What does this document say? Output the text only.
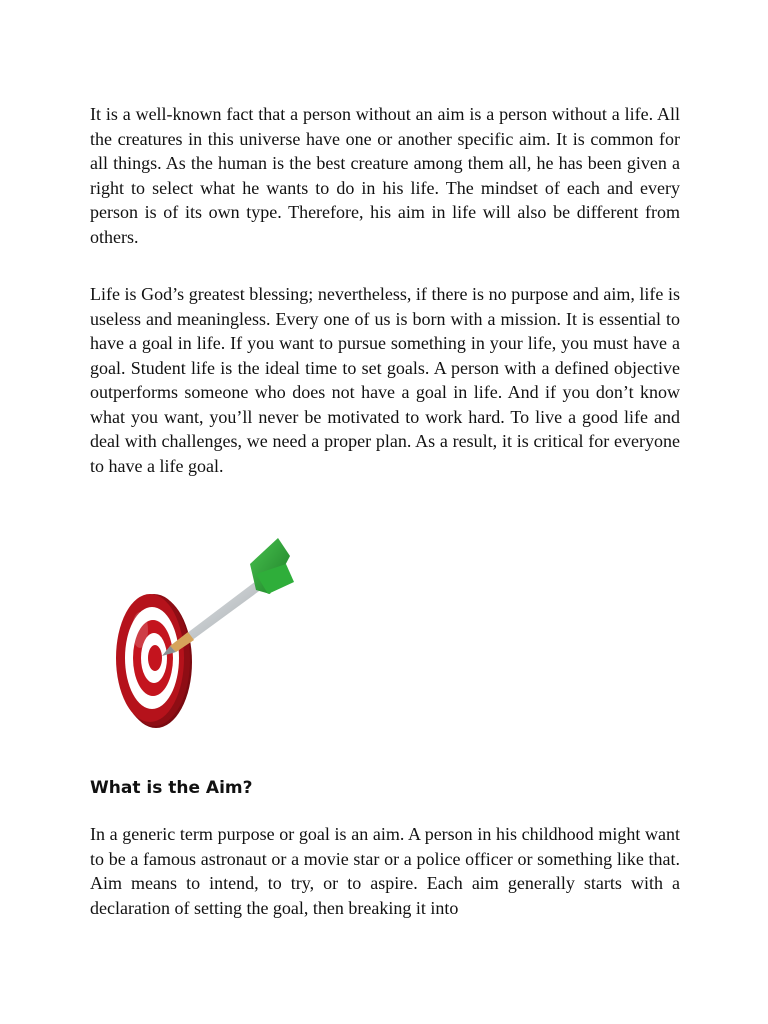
It is a well-known fact that a person without an aim is a person without a life. All the creatures in this universe have one or another specific aim. It is common for all things. As the human is the best creature among them all, he has been given a right to select what he wants to do in his life. The mindset of each and every person is of its own type. Therefore, his aim in life will also be different from others.

Life is God’s greatest blessing; nevertheless, if there is no purpose and aim, life is useless and meaningless. Every one of us is born with a mission. It is essential to have a goal in life. If you want to pursue something in your life, you must have a goal. Student life is the ideal time to set goals. A person with a defined objective outperforms someone who does not have a goal in life. And if you don’t know what you want, you’ll never be motivated to work hard. To live a good life and deal with challenges, we need a proper plan. As a result, it is critical for everyone to have a life goal.

What is the Aim?

In a generic term purpose or goal is an aim. A person in his childhood might want to be a famous astronaut or a movie star or a police officer or something like that. Aim means to intend, to try, or to aspire. Each aim generally starts with a declaration of setting the goal, then breaking it into
